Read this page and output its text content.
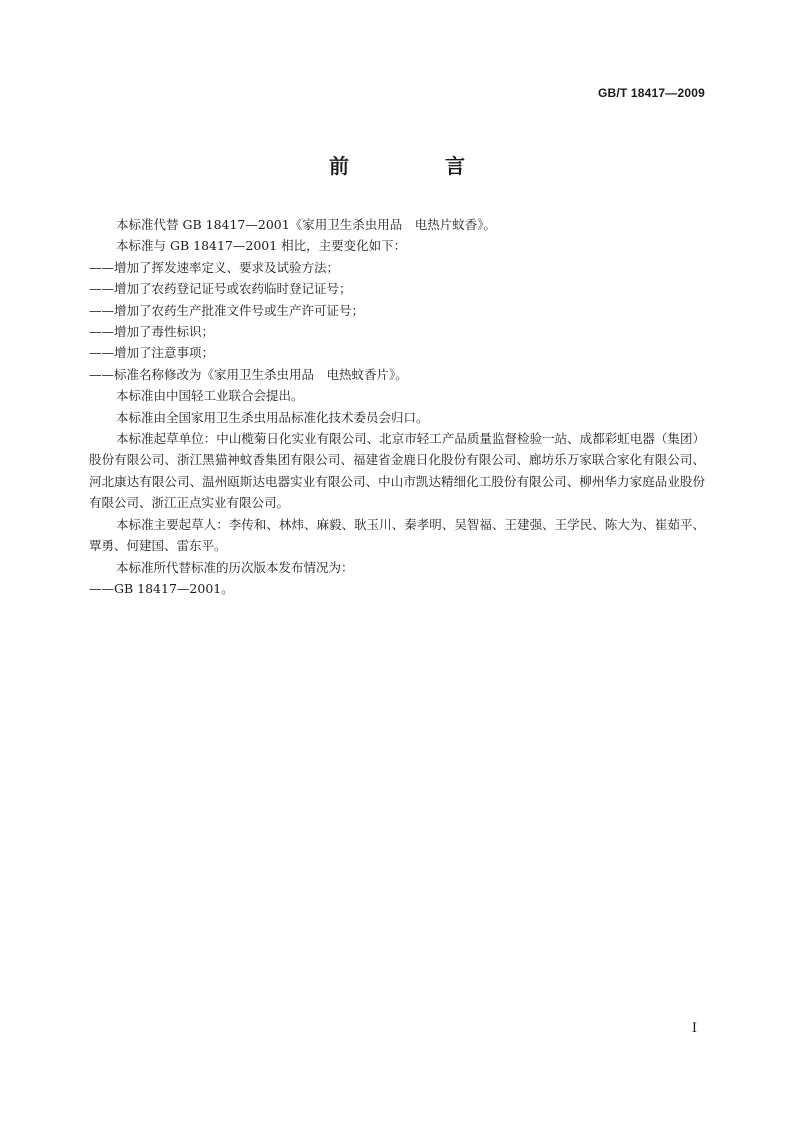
GB/T 18417—2009
前　言

本标准代替 GB 18417—2001《家用卫生杀虫用品　电热片蚊香》。

本标准与 GB 18417—2001 相比，主要变化如下：

——增加了挥发速率定义、要求及试验方法；

——增加了农药登记证号或农药临时登记证号；

——增加了农药生产批准文件号或生产许可证号；

——增加了毒性标识；

——增加了注意事项；

——标准名称修改为《家用卫生杀虫用品　电热蚊香片》。

本标准由中国轻工业联合会提出。

本标准由全国家用卫生杀虫用品标准化技术委员会归口。

本标准起草单位：中山榄菊日化实业有限公司、北京市轻工产品质量监督检验一站、成都彩虹电器（集团）股份有限公司、浙江黑猫神蚊香集团有限公司、福建省金鹿日化股份有限公司、廊坊乐万家联合家化有限公司、河北康达有限公司、温州瓯斯达电器实业有限公司、中山市凯达精细化工股份有限公司、柳州华力家庭品业股份有限公司、浙江正点实业有限公司。

本标准主要起草人：李传和、林炜、麻毅、耿玉川、秦孝明、吴智福、王建强、王学民、陈大为、崔茹平、覃勇、何建国、雷东平。

本标准所代替标准的历次版本发布情况为：

——GB 18417—2001。

I
